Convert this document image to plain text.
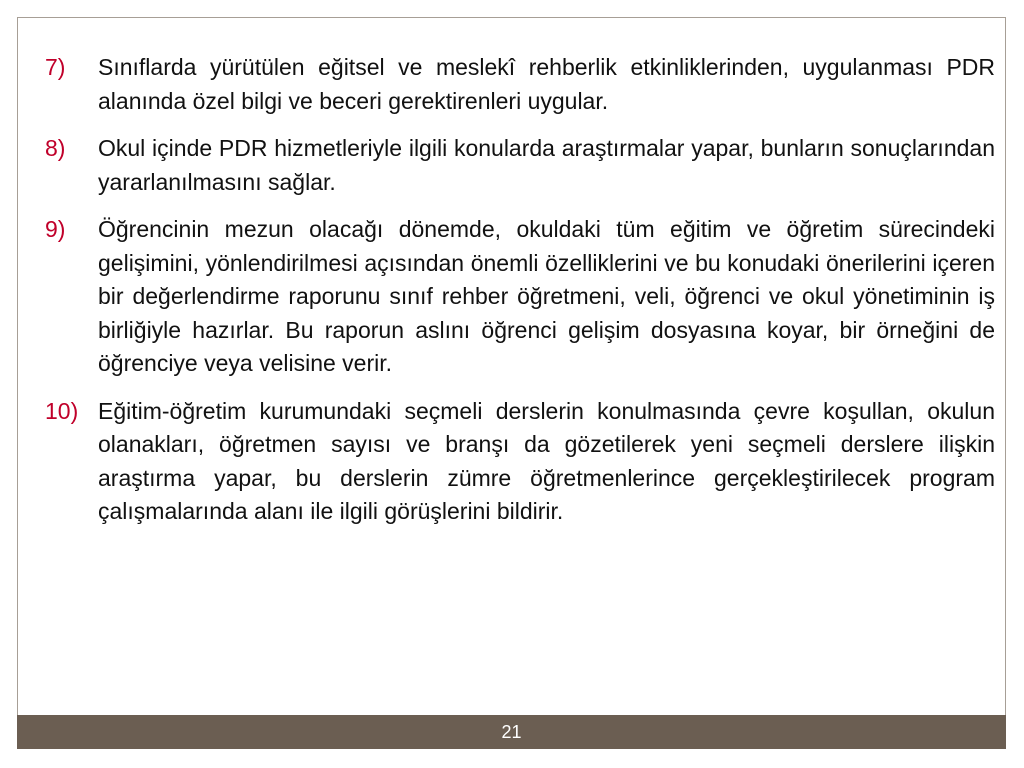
7)	Sınıflarda yürütülen eğitsel ve meslekî rehberlik etkinliklerinden, uygulanması PDR alanında özel bilgi ve beceri gerektirenleri uygular.
8)	Okul içinde PDR hizmetleriyle ilgili konularda araştırmalar yapar, bunların sonuçlarından yararlanılmasını sağlar.
9)	Öğrencinin mezun olacağı dönemde, okuldaki tüm eğitim ve öğretim sürecindeki gelişimini, yönlendirilmesi açısından önemli özelliklerini ve bu konudaki önerilerini içeren bir değerlendirme raporunu sınıf rehber öğretmeni, veli, öğrenci ve okul yönetiminin iş birliğiyle hazırlar. Bu raporun aslını öğrenci gelişim dosyasına koyar, bir örneğini de öğrenciye veya velisine verir.
10) Eğitim-öğretim kurumundaki seçmeli derslerin konulmasında çevre koşullan, okulun olanakları, öğretmen sayısı ve branşı da gözetilerek yeni seçmeli derslere ilişkin araştırma yapar, bu derslerin zümre öğretmenlerince gerçekleştirilecek program çalışmalarında alanı ile ilgili görüşlerini bildirir.
21
